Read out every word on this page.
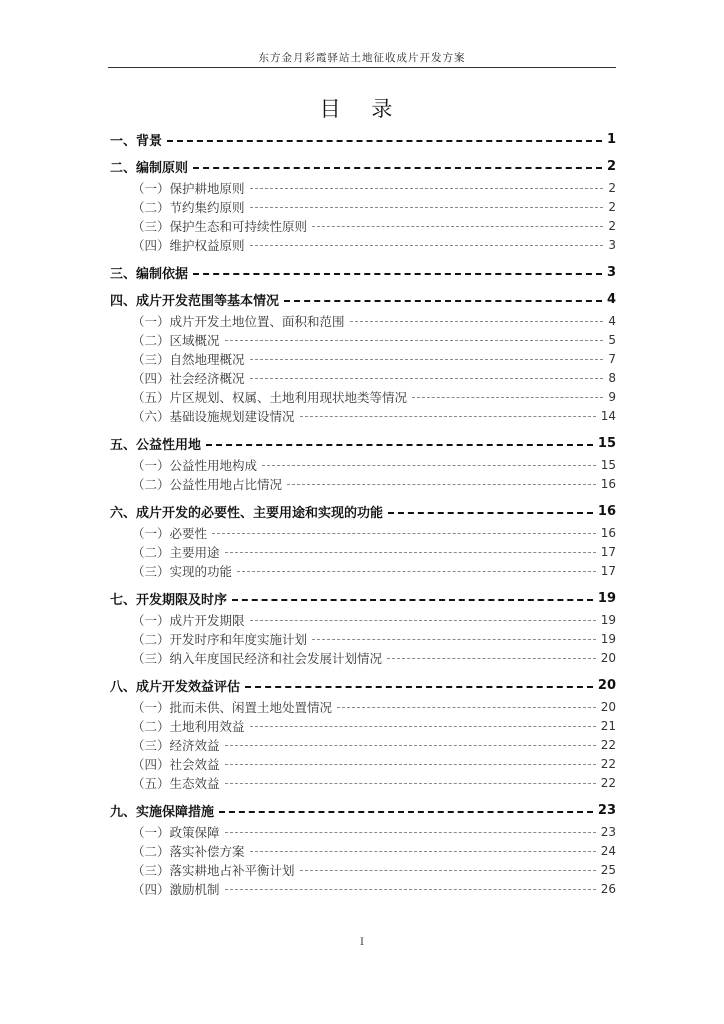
东方金月彩霞驿站土地征收成片开发方案
目 录
一、背景	1
二、编制原则	2
（一）保护耕地原则	2
（二）节约集约原则	2
（三）保护生态和可持续性原则	2
（四）维护权益原则	3
三、编制依据	3
四、成片开发范围等基本情况	4
（一）成片开发土地位置、面积和范围	4
（二）区域概况	5
（三）自然地理概况	7
（四）社会经济概况	8
（五）片区规划、权属、土地利用现状地类等情况	9
（六）基础设施规划建设情况	14
五、公益性用地	15
（一）公益性用地构成	15
（二）公益性用地占比情况	16
六、成片开发的必要性、主要用途和实现的功能	16
（一）必要性	16
（二）主要用途	17
（三）实现的功能	17
七、开发期限及时序	19
（一）成片开发期限	19
（二）开发时序和年度实施计划	19
（三）纳入年度国民经济和社会发展计划情况	20
八、成片开发效益评估	20
（一）批而未供、闲置土地处置情况	20
（二）土地利用效益	21
（三）经济效益	22
（四）社会效益	22
（五）生态效益	22
九、实施保障措施	23
（一）政策保障	23
（二）落实补偿方案	24
（三）落实耕地占补平衡计划	25
（四）激励机制	26
I
